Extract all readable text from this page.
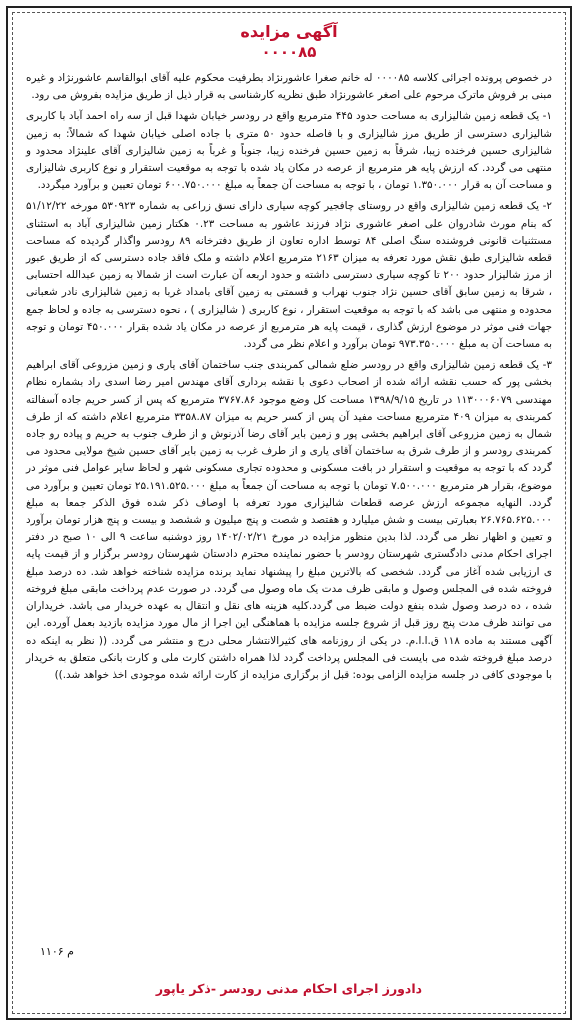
آگهی مزایده
۰۰۰۰۸۵

در خصوص پرونده اجرائی کلاسه ۰۰۰۰۸۵ له خانم صغرا عاشورنژاد بطرفیت محکوم علیه آقای ابوالقاسم عاشورنژاد و غیره مبنی بر فروش ماترک مرحوم علی اصغر عاشورنژاد طبق نظریه کارشناسی به قرار ذیل از طریق مزایده بفروش می رود.

۱- یک قطعه زمین شالیزاری به مساحت حدود ۴۴۵ مترمربع واقع در رودسر خیابان شهدا قبل از سه راه احمد آباد با کاربری شالیزاری دسترسی از طریق مرز شالیزاری و با فاصله حدود ۵۰ متری با جاده اصلی خیابان شهدا که شمالاً: به زمین شالیزاری حسین فرخنده زیبا، شرقاً به زمین حسین فرخنده زیبا، جنوباً و غرباً به زمین شالیزاری آقای علینژاد محدود و منتهی می گردد. که ارزش پایه هر مترمربع از عرصه در مکان یاد شده با توجه به موقعیت استقرار و نوع کاربری شالیزاری و مساحت آن به قرار ۱.۳۵۰.۰۰۰ تومان ، با توجه به مساحت آن جمعاً به مبلغ ۶۰۰.۷۵۰.۰۰۰ تومان تعیین و برآورد میگردد.

۲- یک قطعه زمین شالیزاری واقع در روستای چافجیر کوچه سیاری دارای نسق زراعی به شماره ۵۳۰۹۲۳ مورخه ۵۱/۱۲/۲۲ که بنام مورث شادروان علی اصغر عاشوری نژاد فرزند عاشور به مساحت ۰.۲۳ هکتار زمین شالیزاری آباد به استثنای مستثنیات قانونی فروشنده سنگ اصلی ۸۴ توسط اداره تعاون از طریق دفترخانه ۸۹ رودسر واگذار گردیده که مساحت قطعه شالیزاری طبق نقش مورد تعرفه به میزان ۲۱۶۳ مترمربع اعلام داشته و ملک فاقد جاده دسترسی که از طریق عبور از مرز شالیزار حدود ۲۰۰ تا کوچه سیاری دسترسی داشته و حدود اربعه آن عبارت است از شمالا به زمین عبدالله احتسابی ، شرقا به زمین سابق آقای حسین نژاد جنوب نهراب و قسمتی به زمین آقای بامداد غربا به زمین شالیزاری نادر شعبانی محدوده و منتهی می باشد که با توجه به موقعیت استقرار ، نوع کاربری ( شالیزاری ) ، نحوه دسترسی به جاده و لحاظ جمع جهات فنی موثر در موضوع ارزش گذاری ، قیمت پایه هر مترمربع از عرصه در مکان یاد شده بقرار ۴۵۰.۰۰۰ تومان و توجه به مساحت آن به مبلغ ۹۷۳.۳۵۰.۰۰۰ تومان برآورد و اعلام نظر می گردد.

۳- یک قطعه زمین شالیزاری واقع در رودسر ضلع شمالی کمربندی جنب ساختمان آقای یاری و زمین مزروعی آقای ابراهیم بخشی پور که حسب نقشه ارائه شده از اصحاب دعوی با نقشه برداری آقای مهندس امیر رضا اسدی راد بشماره نظام مهندسی ۱۱۳۰۰۰۶۰۷۹ در تاریخ ۱۳۹۸/۹/۱۵ مساحت کل وضع موجود ۳۷۶۷.۸۶ مترمربع که پس از کسر حریم جاده آسفالته کمربندی به میزان ۴۰۹ مترمربع مساحت مفید آن پس از کسر حریم به میزان ۳۳۵۸.۸۷ مترمربع اعلام داشته که از طرف شمال به زمین مزروعی آقای ابراهیم بخشی پور و زمین بایر آقای رضا آذرنوش و از طرف جنوب به حریم و پیاده رو جاده کمربندی رودسر و از طرف شرق به ساختمان آقای یاری و از طرف غرب به زمین بایر آقای حسین شیخ مولایی محدود می گردد که با توجه به موقعیت و استقرار در بافت مسکونی و محدوده تجاری مسکونی شهر و لحاظ سایر عوامل فنی موثر در موضوع، بقرار هر مترمربع ۷.۵۰۰.۰۰۰ تومان با توجه به مساحت آن جمعاً به مبلغ ۲۵.۱۹۱.۵۲۵.۰۰۰ تومان تعیین و برآورد می گردد. النهایه مجموعه ارزش عرصه قطعات شالیزاری مورد تعرفه با اوصاف ذکر شده فوق الذکر جمعا به مبلغ ۲۶.۷۶۵.۶۲۵.۰۰۰ بعبارتی بیست و شش میلیارد و هفتصد و شصت و پنج میلیون و ششصد و بیست و پنج هزار تومان برآورد و تعیین و اظهار نظر می گردد. لذا بدین منظور مزایده در مورخ ۱۴۰۲/۰۲/۲۱ روز دوشنبه ساعت ۹ الی ۱۰ صبح در دفتر اجرای احکام مدنی دادگستری شهرستان رودسر با حضور نماینده محترم دادستان شهرستان رودسر برگزار و از قیمت پایه ی ارزیابی شده آغاز می گردد. شخصی که بالاترین مبلغ را پیشنهاد نماید برنده مزایده شناخته خواهد شد. ده درصد مبلغ فروخته شده فی المجلس وصول و مابقی ظرف مدت یک ماه وصول می گردد. در صورت عدم پرداخت مابقی مبلغ فروخته شده ، ده درصد وصول شده بنفع دولت ضبط می گردد.کلیه هزینه های نقل و انتقال به عهده خریدار می باشد. خریداران می توانند ظرف مدت پنج روز قبل از شروع جلسه مزایده با هماهنگی این اجرا از مال مورد مزایده بازدید بعمل آورده. این آگهی مستند به ماده ۱۱۸ ق.ا.ا.م. در یکی از روزنامه های کثیرالانتشار محلی درج و منتشر می گردد. (( نظر به اینکه ده درصد مبلغ فروخته شده می بایست فی المجلس پرداخت گردد لذا همراه داشتن کارت ملی و کارت بانکی متعلق به خریدار با موجودی کافی در جلسه مزایده الزامی بوده: قبل از برگزاری مزایده از کارت ارائه شده موجودی اخذ خواهد شد.))

م ۱۱۰۶
دادورز اجرای احکام مدنی رودسر -ذکر یاپور
